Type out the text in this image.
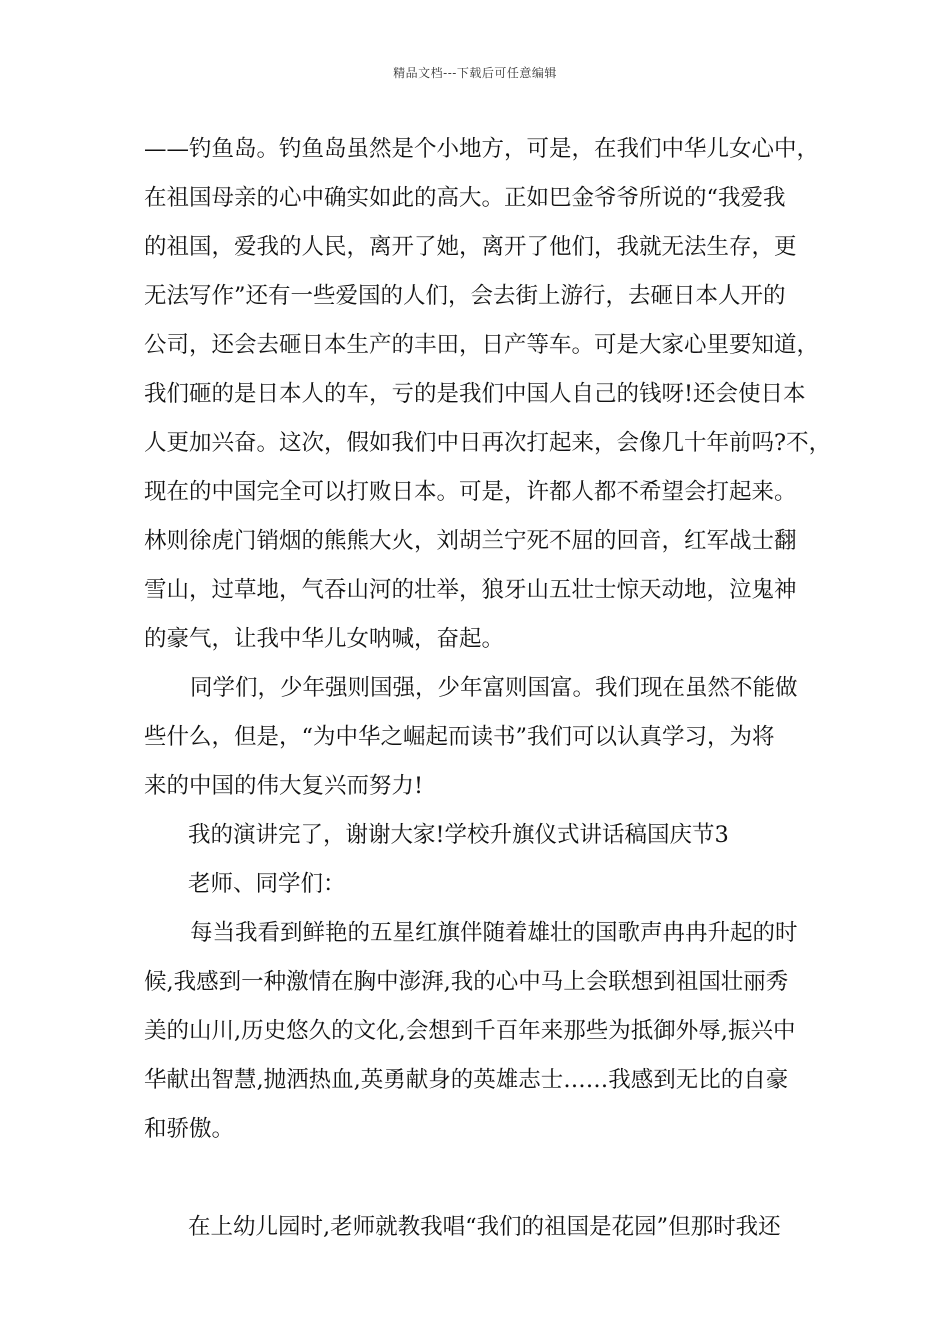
精品文档---下载后可任意编辑
——钓鱼岛。钓鱼岛虽然是个小地方，可是，在我们中华儿女心中，
在祖国母亲的心中确实如此的高大。正如巴金爷爷所说的“我爱我
的祖国，爱我的人民，离开了她，离开了他们，我就无法生存，更
无法写作”还有一些爱国的人们，会去街上游行，去砸日本人开的
公司，还会去砸日本生产的丰田，日产等车。可是大家心里要知道，
我们砸的是日本人的车，亏的是我们中国人自己的钱呀!还会使日本
人更加兴奋。这次，假如我们中日再次打起来，会像几十年前吗?不，
现在的中国完全可以打败日本。可是，许都人都不希望会打起来。
林则徐虎门销烟的熊熊大火，刘胡兰宁死不屈的回音，红军战士翻
雪山，过草地，气吞山河的壮举，狼牙山五壮士惊天动地，泣鬼神
的豪气，让我中华儿女呐喊，奋起。
同学们，少年强则国强，少年富则国富。我们现在虽然不能做
些什么，但是，“为中华之崛起而读书”我们可以认真学习，为将
来的中国的伟大复兴而努力!
我的演讲完了，谢谢大家!学校升旗仪式讲话稿国庆节3
老师、同学们：
每当我看到鲜艳的五星红旗伴随着雄壮的国歌声冉冉升起的时
候,我感到一种激情在胸中澎湃,我的心中马上会联想到祖国壮丽秀
美的山川,历史悠久的文化,会想到千百年来那些为抵御外辱,振兴中
华献出智慧,抛洒热血,英勇献身的英雄志士……我感到无比的自豪
和骄傲。
在上幼儿园时,老师就教我唱“我们的祖国是花园”但那时我还
